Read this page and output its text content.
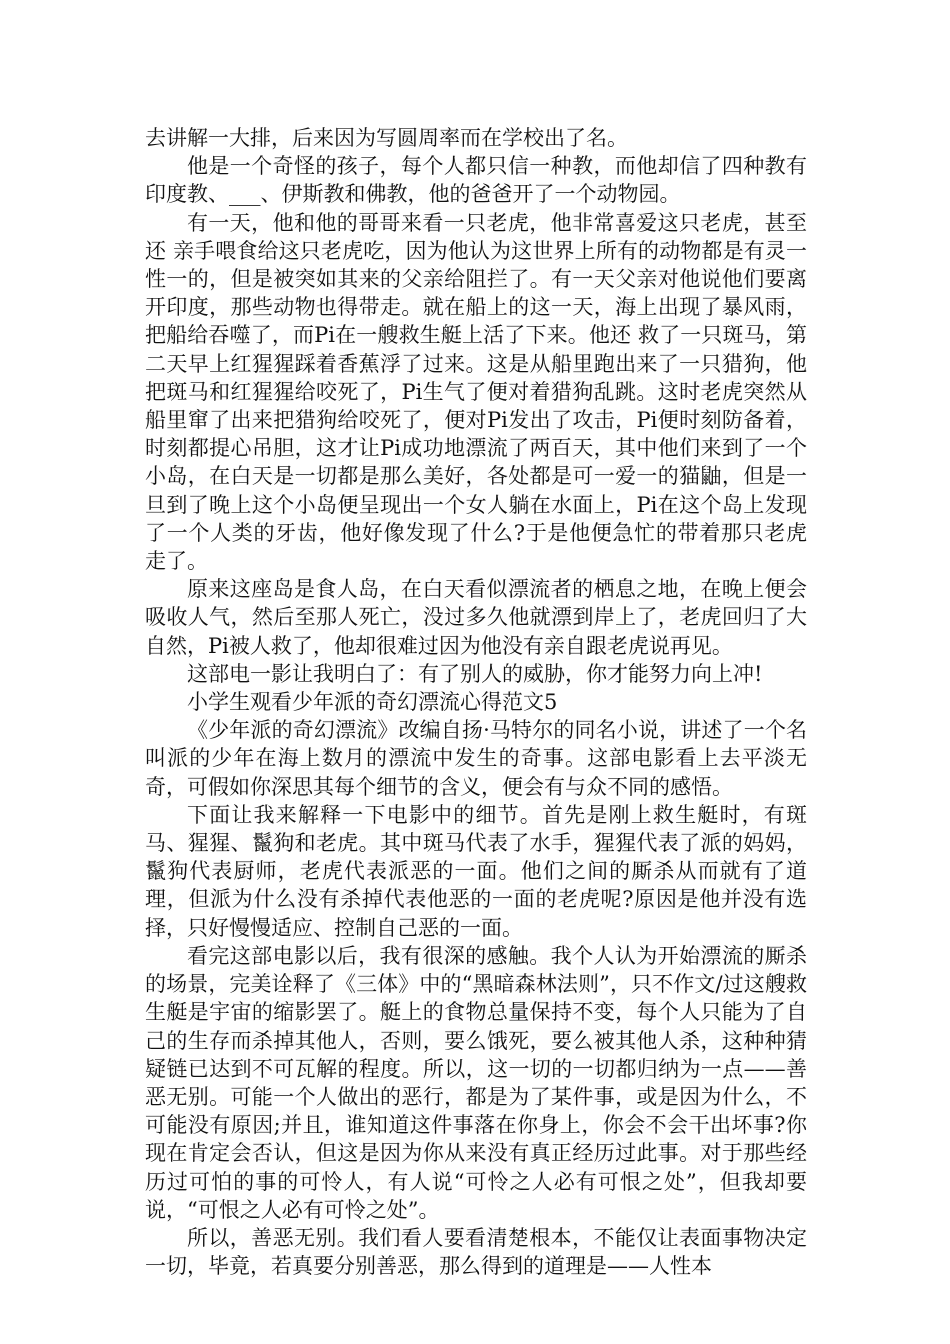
去讲解一大排，后来因为写圆周率而在学校出了名。

他是一个奇怪的孩子，每个人都只信一种教，而他却信了四种教有印度教、___、伊斯教和佛教，他的爸爸开了一个动物园。

有一天，他和他的哥哥来看一只老虎，他非常喜爱这只老虎，甚至还 亲手喂食给这只老虎吃，因为他认为这世界上所有的动物都是有灵一性一的，但是被突如其来的父亲给阻拦了。有一天父亲对他说他们要离开印度，那些动物也得带走。就在船上的这一天，海上出现了暴风雨，把船给吞噬了，而Pi在一艘救生艇上活了下来。他还 救了一只斑马，第二天早上红猩猩踩着香蕉浮了过来。这是从船里跑出来了一只猎狗，他把斑马和红猩猩给咬死了，Pi生气了便对着猎狗乱跳。这时老虎突然从船里窜了出来把猎狗给咬死了，便对Pi发出了攻击，Pi便时刻防备着，时刻都提心吊胆，这才让Pi成功地漂流了两百天，其中他们来到了一个小岛，在白天是一切都是那么美好，各处都是可一爱一的猫鼬，但是一旦到了晚上这个小岛便呈现出一个女人躺在水面上，Pi在这个岛上发现了一个人类的牙齿，他好像发现了什么?于是他便急忙的带着那只老虎走了。

原来这座岛是食人岛，在白天看似漂流者的栖息之地，在晚上便会吸收人气，然后至那人死亡，没过多久他就漂到岸上了，老虎回归了大自然，Pi被人救了，他却很难过因为他没有亲自跟老虎说再见。

这部电一影让我明白了：有了别人的威胁，你才能努力向上冲!

小学生观看少年派的奇幻漂流心得范文5

《少年派的奇幻漂流》改编自扬·马特尔的同名小说，讲述了一个名叫派的少年在海上数月的漂流中发生的奇事。这部电影看上去平淡无奇，可假如你深思其每个细节的含义，便会有与众不同的感悟。

下面让我来解释一下电影中的细节。首先是刚上救生艇时，有斑马、猩猩、鬣狗和老虎。其中斑马代表了水手，猩猩代表了派的妈妈，鬣狗代表厨师，老虎代表派恶的一面。他们之间的厮杀从而就有了道理，但派为什么没有杀掉代表他恶的一面的老虎呢?原因是他并没有选择，只好慢慢适应、控制自己恶的一面。

看完这部电影以后，我有很深的感触。我个人认为开始漂流的厮杀的场景，完美诠释了《三体》中的“黑暗森林法则”，只不作文/过这艘救生艇是宇宙的缩影罢了。艇上的食物总量保持不变，每个人只能为了自己的生存而杀掉其他人，否则，要么饿死，要么被其他人杀，这种种猜疑链已达到不可瓦解的程度。所以，这一切的一切都归纳为一点——善恶无别。可能一个人做出的恶行，都是为了某件事，或是因为什么，不可能没有原因;并且，谁知道这件事落在你身上，你会不会干出坏事?你现在肯定会否认，但这是因为你从来没有真正经历过此事。对于那些经历过可怕的事的可怜人，有人说“可怜之人必有可恨之处”，但我却要说，“可恨之人必有可怜之处”。

所以，善恶无别。我们看人要看清楚根本，不能仅让表面事物决定一切，毕竟，若真要分别善恶，那么得到的道理是——人性本
